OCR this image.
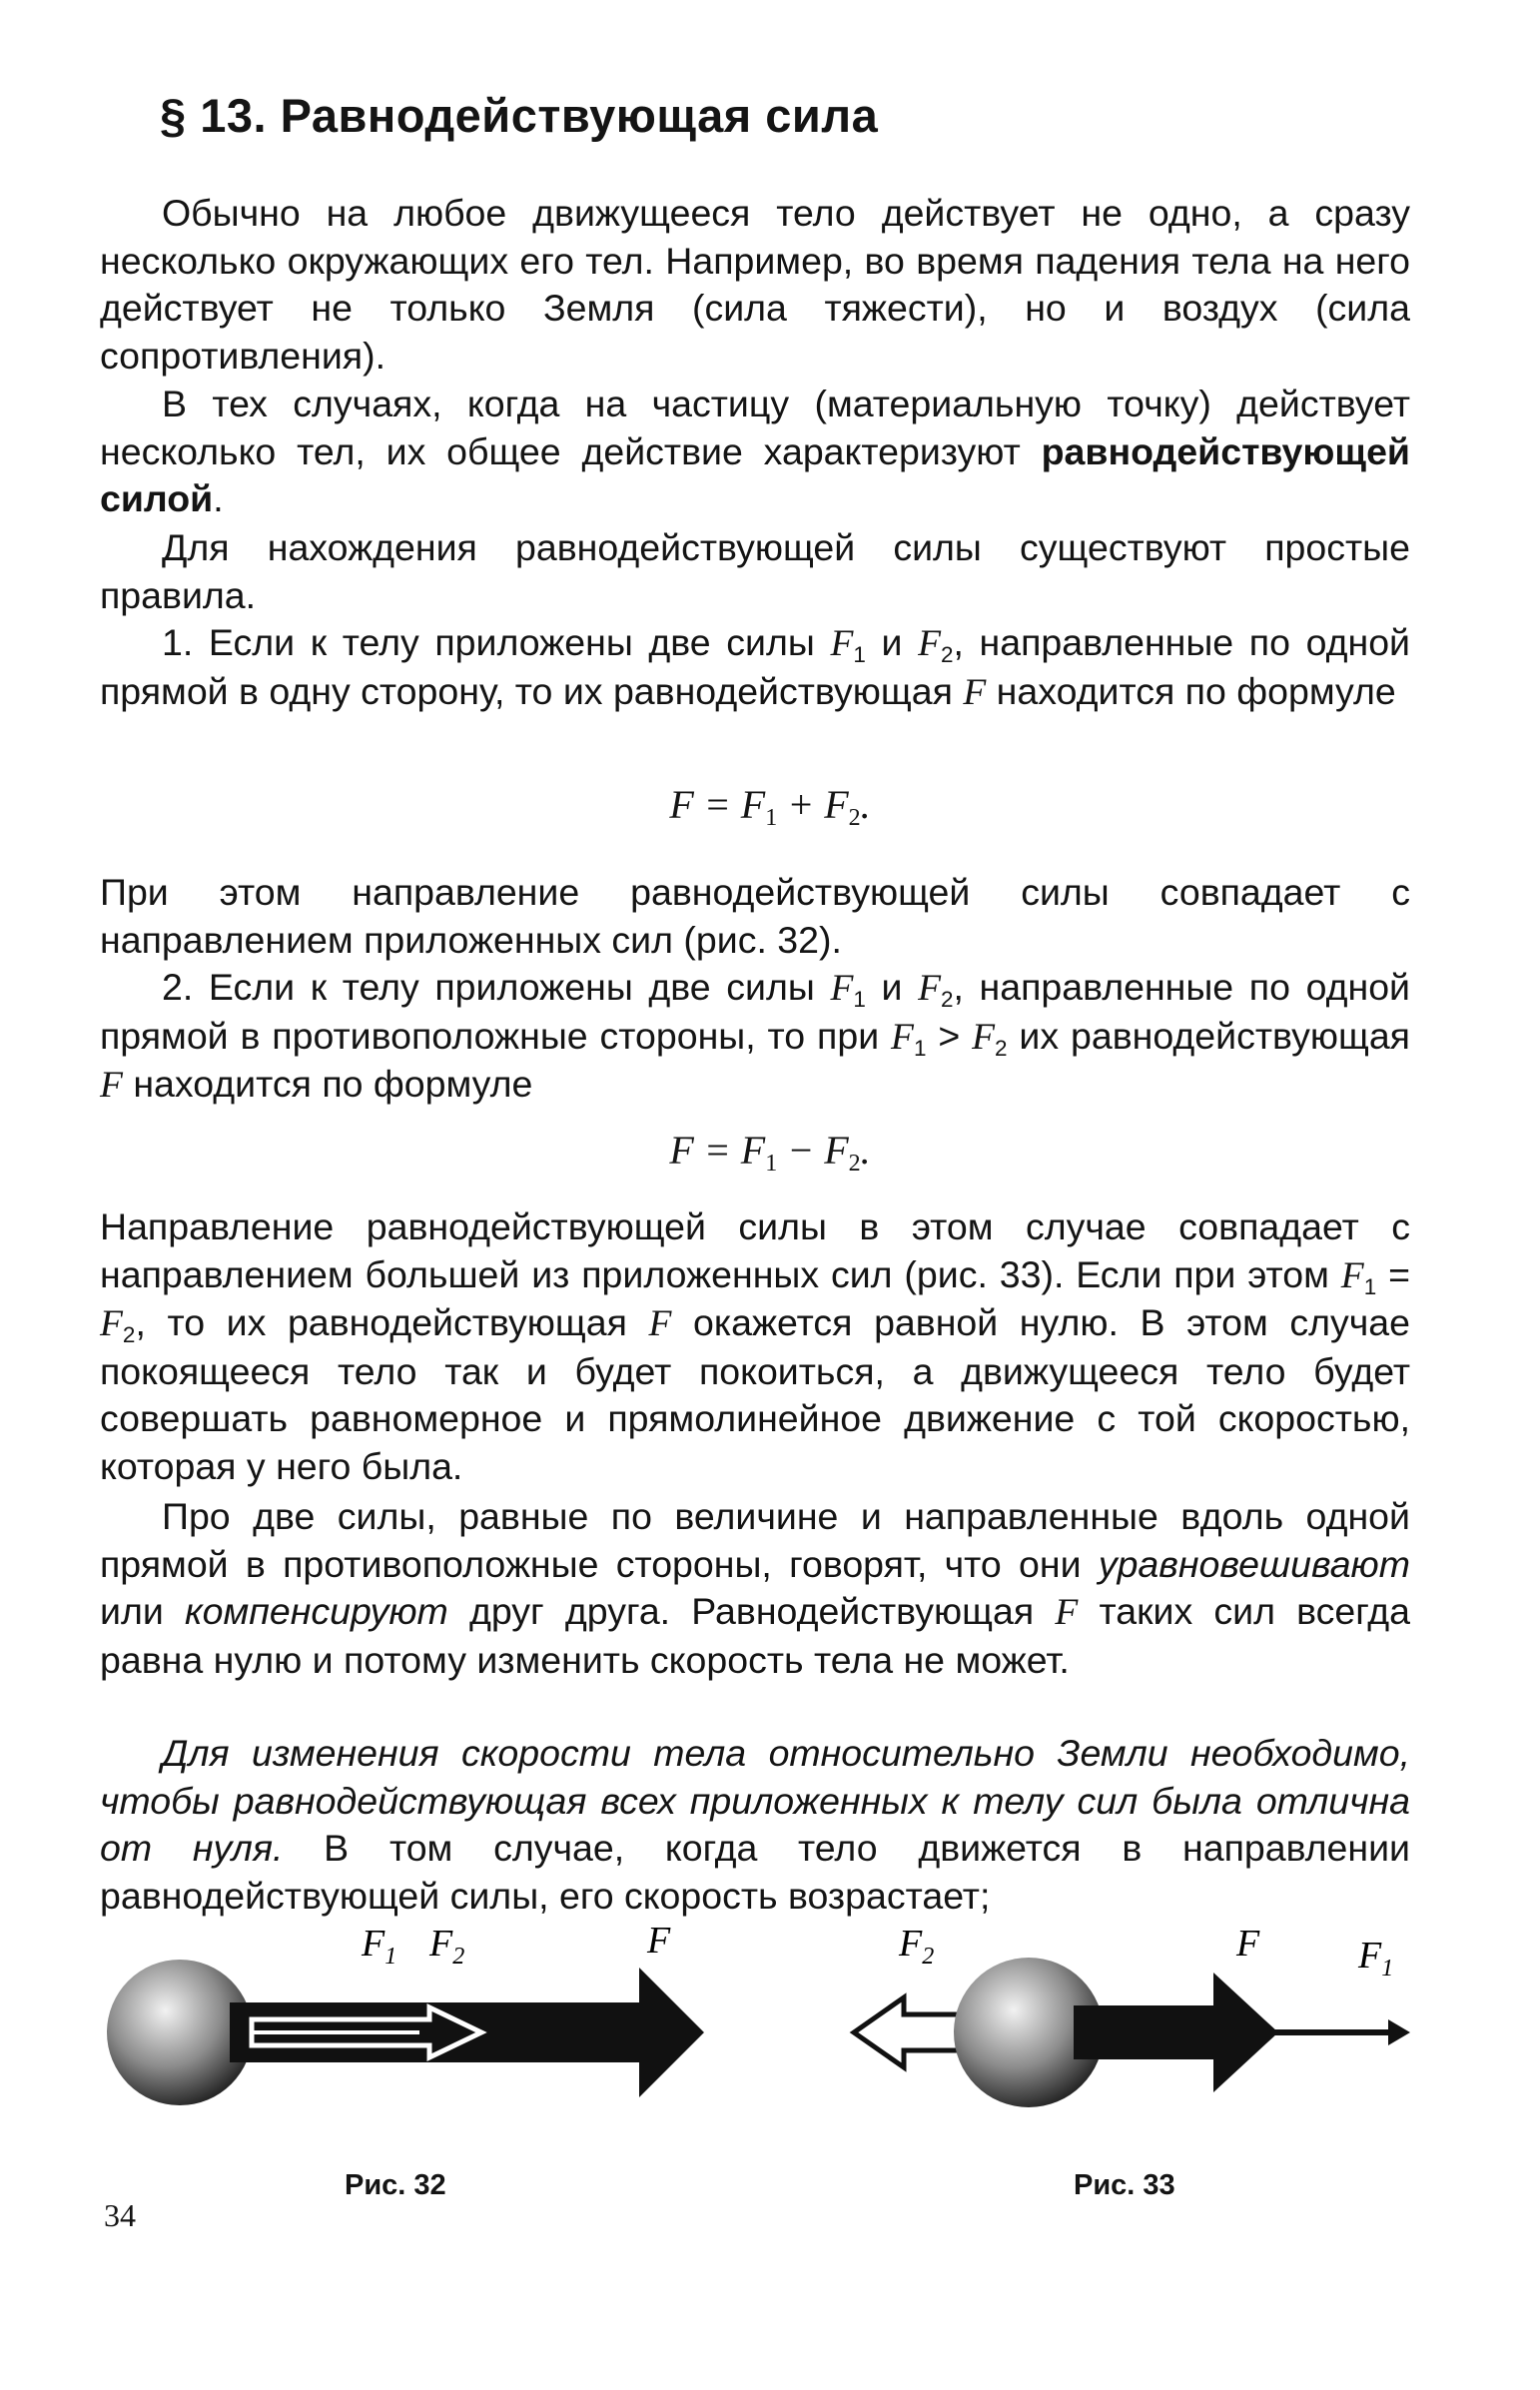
§ 13. Равнодействующая сила
Обычно на любое движущееся тело действует не одно, а сразу несколько окружающих его тел. Например, во время падения тела на него действует не только Земля (сила тяжести), но и воздух (сила сопротивления).
В тех случаях, когда на частицу (материальную точку) действует несколько тел, их общее действие характеризуют равнодействующей силой.
Для нахождения равнодействующей силы существуют простые правила.
1. Если к телу приложены две силы $F_1$ и $F_2$, направленные по одной прямой в одну сторону, то их равнодействующая F находится по формуле
$F = F_1 + F_2$.
При этом направление равнодействующей силы совпадает с направлением приложенных сил (рис. 32).
2. Если к телу приложены две силы $F_1$ и $F_2$, направленные по одной прямой в противоположные стороны, то при $F_1 > F_2$ их равнодействующая F находится по формуле
$F = F_1 - F_2$.
Направление равнодействующей силы в этом случае совпадает с направлением большей из приложенных сил (рис. 33). Если при этом $F_1 = F_2$, то их равнодействующая F окажется равной нулю. В этом случае покоящееся тело так и будет покоиться, а движущееся тело будет совершать равномерное и прямолинейное движение с той скоростью, которая у него была.
Про две силы, равные по величине и направленные вдоль одной прямой в противоположные стороны, говорят, что они уравновешивают или компенсируют друг друга. Равнодействующая F таких сил всегда равна нулю и потому изменить скорость тела не может.
Для изменения скорости тела относительно Земли необходимо, чтобы равнодействующая всех приложенных к телу сил была отлична от нуля. В том случае, когда тело движется в направлении равнодействующей силы, его скорость возрастает;
$F_1$ $F_2$	F	$F_2$	F	$F_1$
Рис. 32	Рис. 33
34
